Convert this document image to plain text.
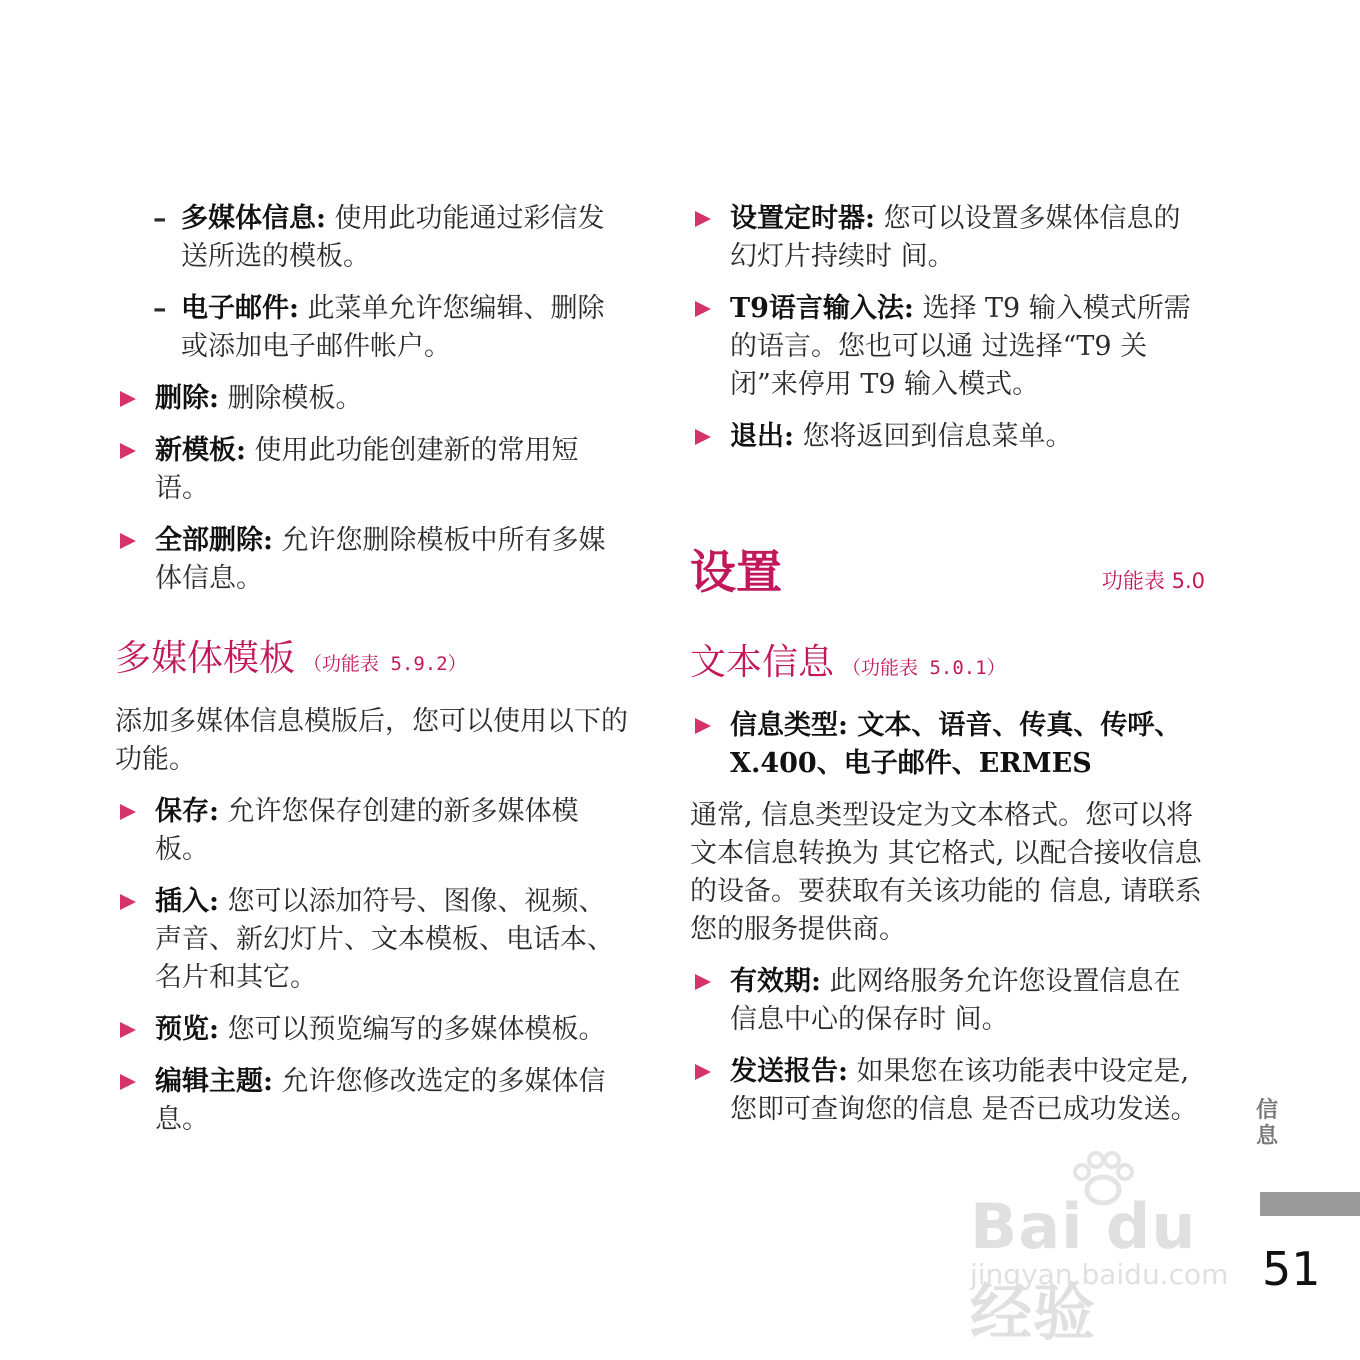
– 多媒体信息: 使用此功能通过彩信发送所选的模板。
– 电子邮件: 此菜单允许您编辑、删除或添加电子邮件帐户。
删除: 删除模板。
新模板: 使用此功能创建新的常用短语。
全部删除: 允许您删除模板中所有多媒体信息。
多媒体模板 （功能表 5.9.2）
添加多媒体信息模版后，您可以使用以下的功能。
保存: 允许您保存创建的新多媒体模板。
插入: 您可以添加符号、图像、视频、声音、新幻灯片、文本模板、电话本、名片和其它。
预览: 您可以预览编写的多媒体模板。
编辑主题: 允许您修改选定的多媒体信息。
设置定时器: 您可以设置多媒体信息的幻灯片持续时 间。
T9语言输入法: 选择 T9 输入模式所需的语言。您也可以通 过选择“T9 关闭”来停用 T9 输入模式。
退出: 您将返回到信息菜单。
设置	功能表 5.0
文本信息 （功能表 5.0.1）
信息类型: 文本、语音、传真、传呼、X.400、电子邮件、ERMES
通常, 信息类型设定为文本格式。您可以将文本信息转换为 其它格式, 以配合接收信息的设备。要获取有关该功能的 信息, 请联系您的服务提供商。
有效期: 此网络服务允许您设置信息在信息中心的保存时 间。
发送报告: 如果您在该功能表中设定是, 您即可查询您的信息 是否已成功发送。	信息
Bai du 经验
jingyan.baidu.com 51
